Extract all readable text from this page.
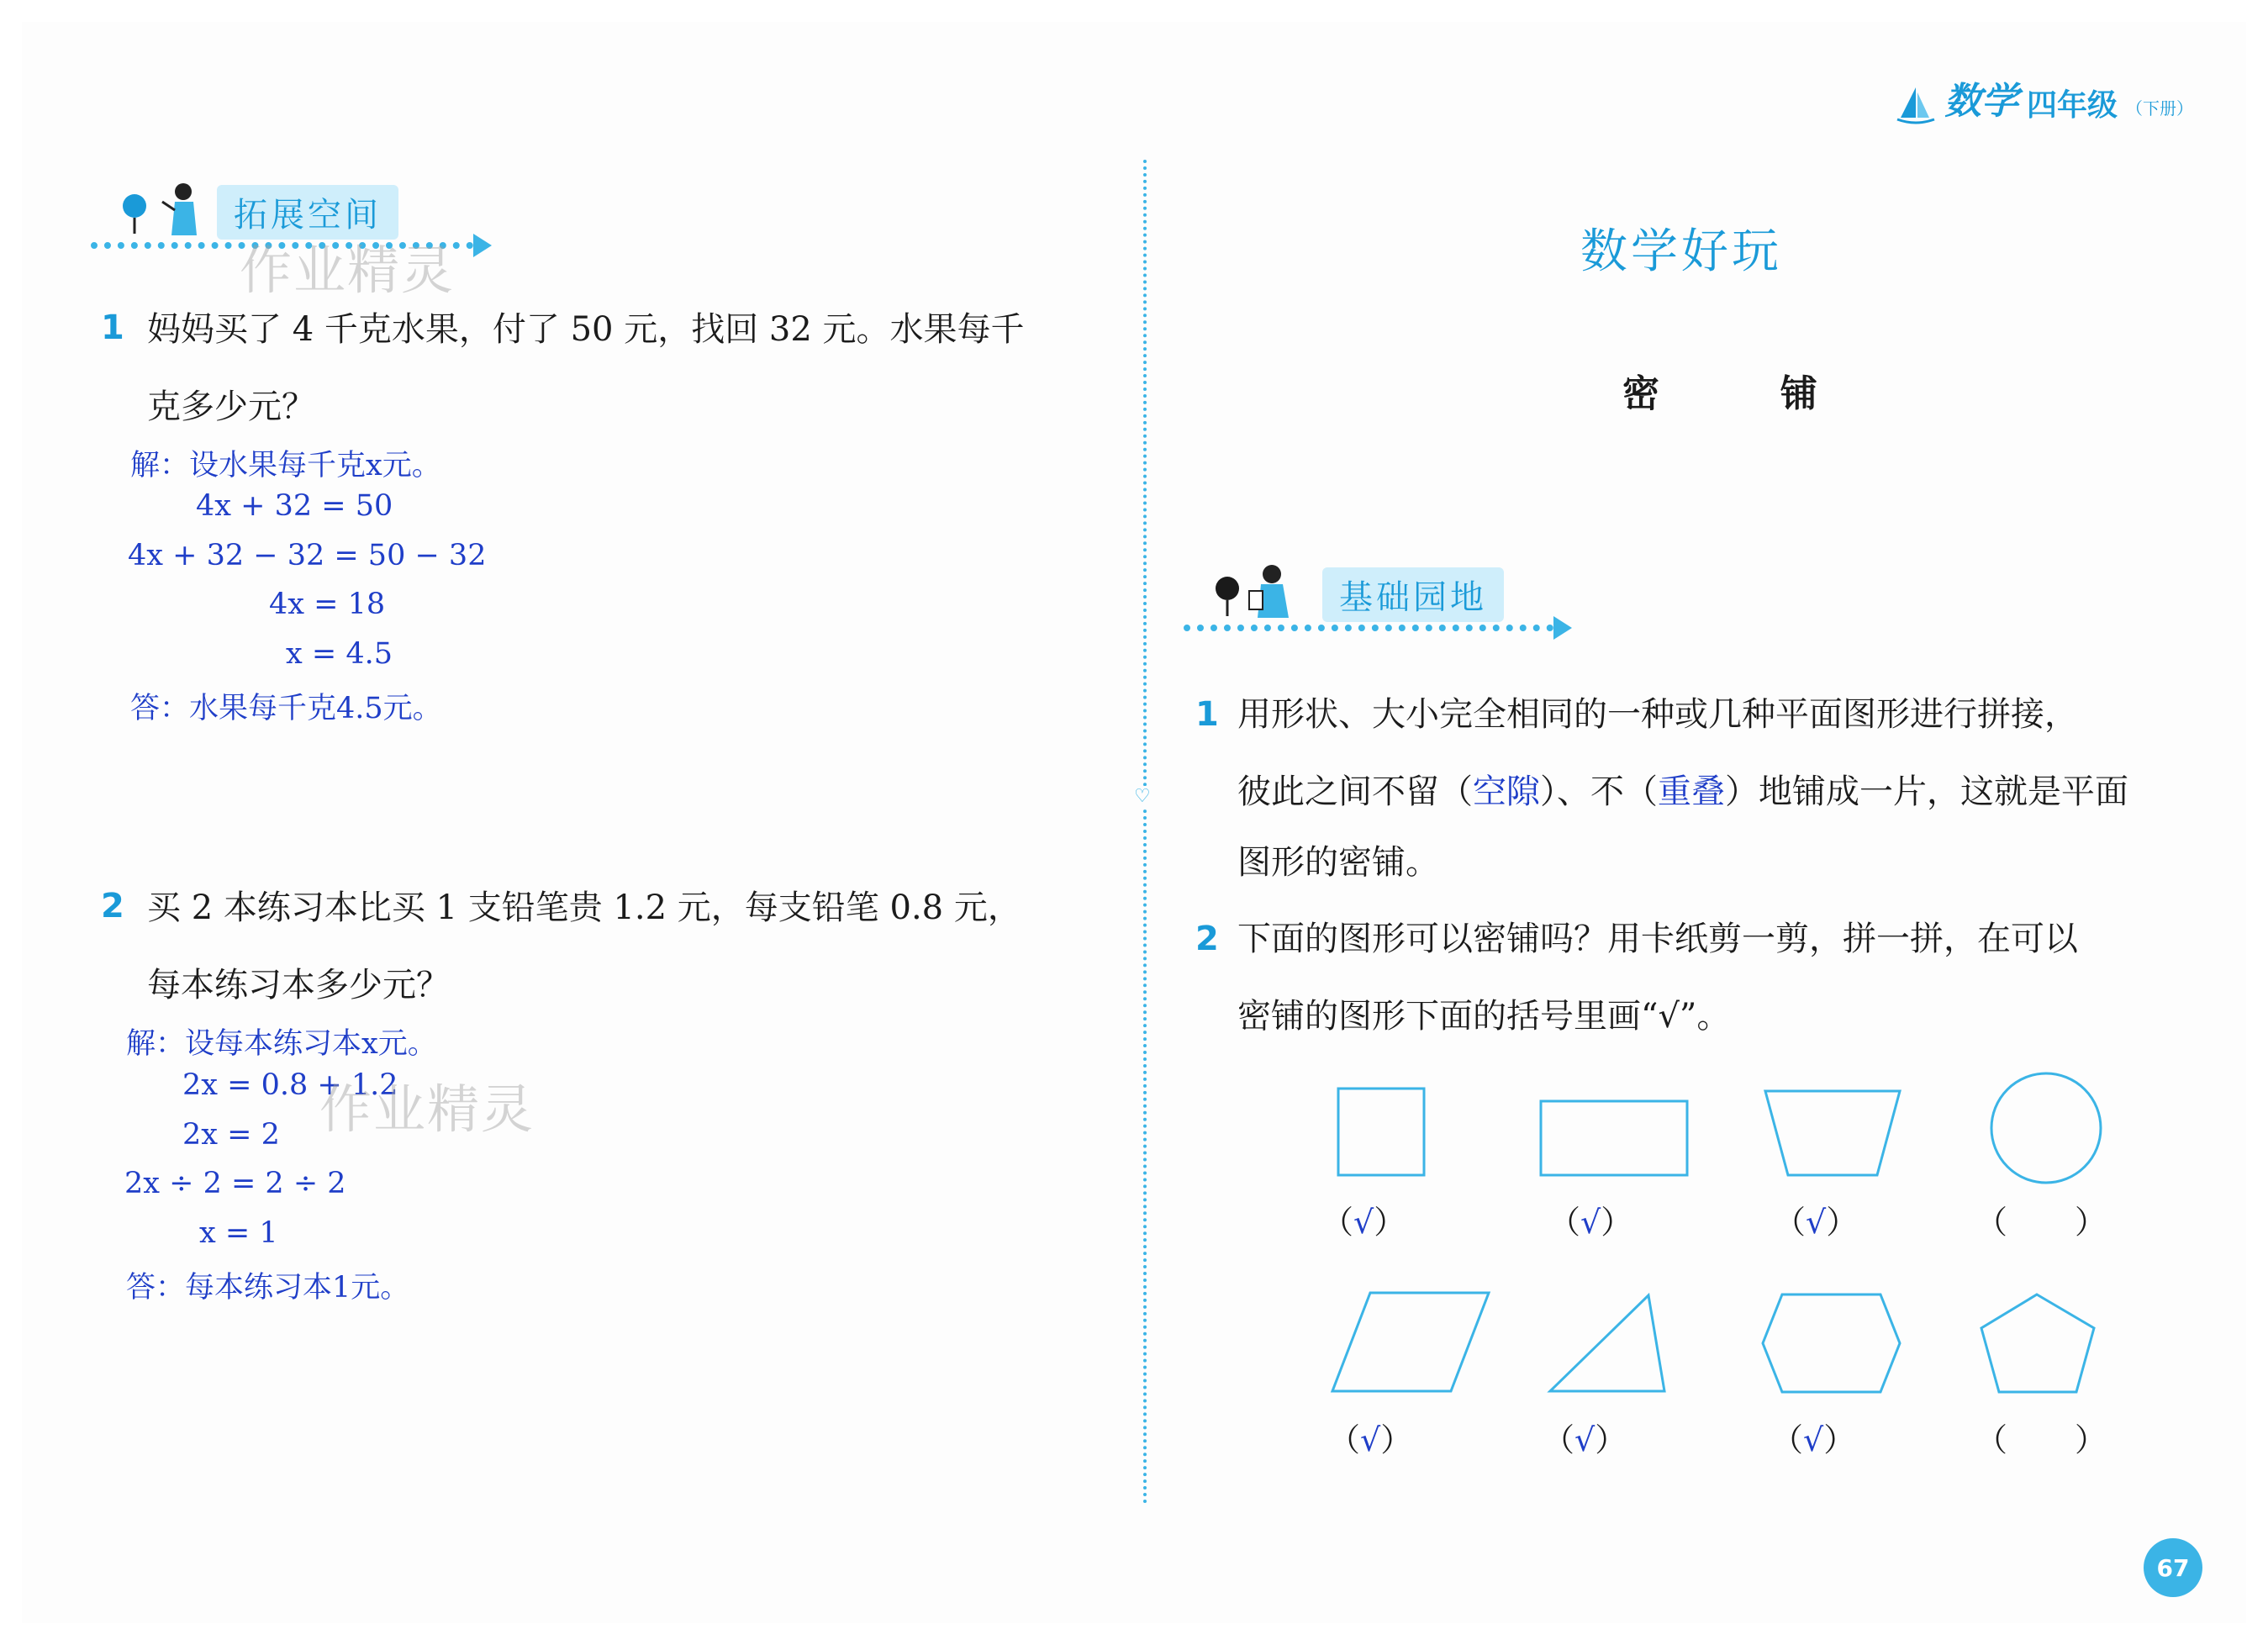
数学 四年级 （下册）
♡
拓展空间
作业精灵
1 妈妈买了 4 千克水果，付了 50 元，找回 32 元。水果每千
克多少元？
解：设水果每千克x元。
4x + 32 = 50
4x + 32 − 32 = 50 − 32
4x = 18
x = 4.5
答：水果每千克4.5元。
2 买 2 本练习本比买 1 支铅笔贵 1.2 元，每支铅笔 0.8 元，
每本练习本多少元？
解：设每本练习本x元。
2x = 0.8 + 1.2
2x = 2
2x ÷ 2 = 2 ÷ 2
x = 1
答：每本练习本1元。
作业精灵
数学好玩
密　铺
基础园地
1 用形状、大小完全相同的一种或几种平面图形进行拼接，
彼此之间不留（空隙）、不（重叠）地铺成一片，这就是平面
图形的密铺。
2 下面的图形可以密铺吗？用卡纸剪一剪，拼一拼，在可以
密铺的图形下面的括号里画“√”。
（√）	（√）	（√）	（ ）
（√）	（√）	（√）	（ ）
67
